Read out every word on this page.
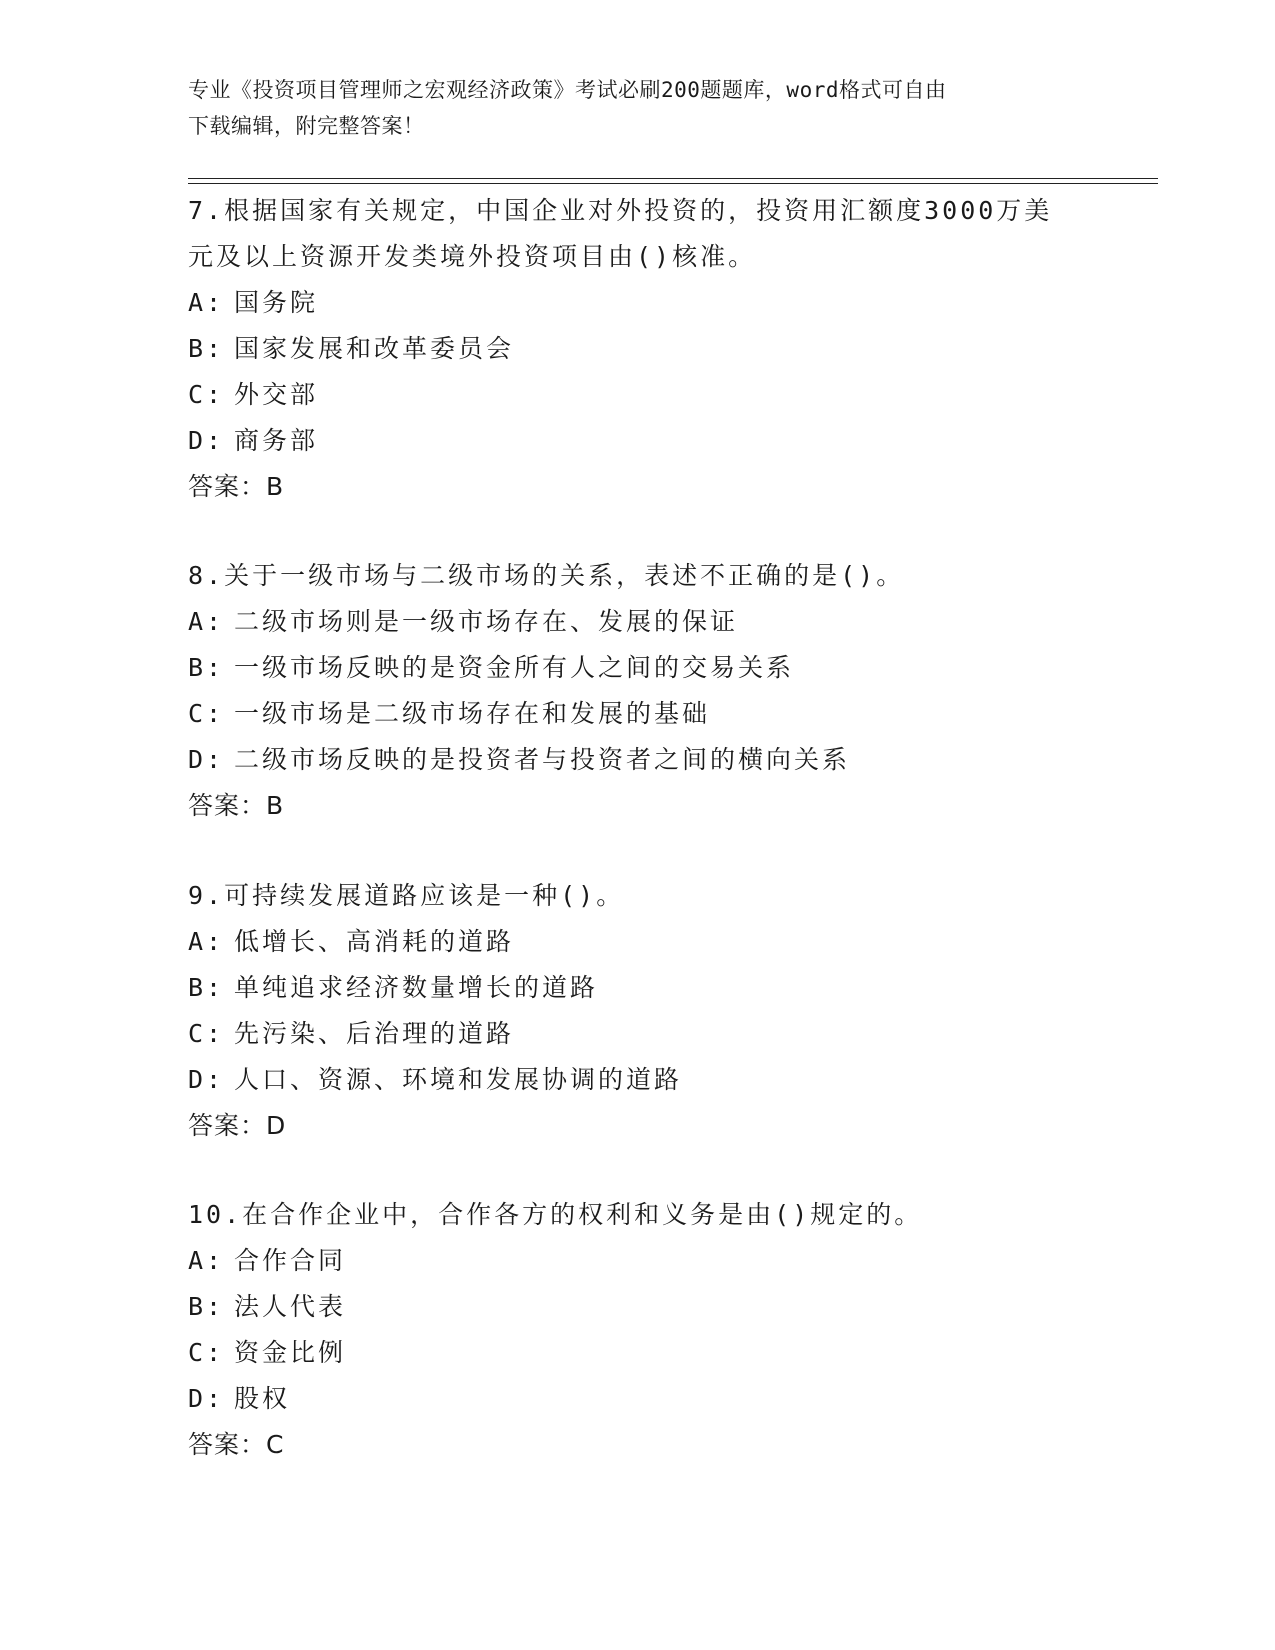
专业《投资项目管理师之宏观经济政策》考试必刷200题题库，word格式可自由
下载编辑，附完整答案！
7.根据国家有关规定，中国企业对外投资的，投资用汇额度3000万美
元及以上资源开发类境外投资项目由()核准。
A: 国务院
B: 国家发展和改革委员会
C: 外交部
D: 商务部
答案：B
8.关于一级市场与二级市场的关系，表述不正确的是()。
A: 二级市场则是一级市场存在、发展的保证
B: 一级市场反映的是资金所有人之间的交易关系
C: 一级市场是二级市场存在和发展的基础
D: 二级市场反映的是投资者与投资者之间的横向关系
答案：B
9.可持续发展道路应该是一种()。
A: 低增长、高消耗的道路
B: 单纯追求经济数量增长的道路
C: 先污染、后治理的道路
D: 人口、资源、环境和发展协调的道路
答案：D
10.在合作企业中，合作各方的权利和义务是由()规定的。
A: 合作合同
B: 法人代表
C: 资金比例
D: 股权
答案：C
